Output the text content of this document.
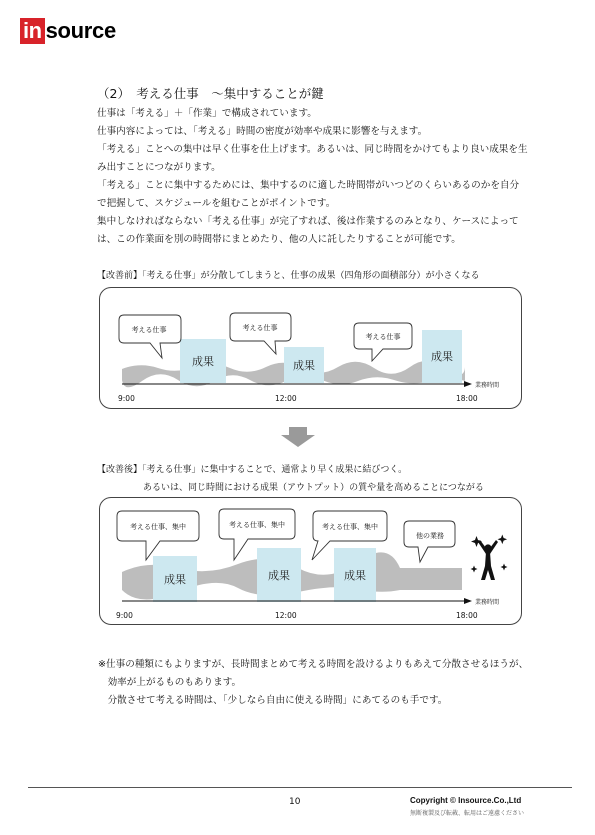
in source
（2）　考える仕事　～集中することが鍵

仕事は「考える」＋「作業」で構成されています。

仕事内容によっては、「考える」時間の密度が効率や成果に影響を与えます。

「考える」ことへの集中は早く仕事を仕上げます。あるいは、同じ時間をかけてもより良い成果を生

み出すことにつながります。

「考える」ことに集中するためには、集中するのに適した時間帯がいつどのくらいあるのかを自分

で把握して、スケジュールを組むことがポイントです。

集中しなければならない「考える仕事」が完了すれば、後は作業するのみとなり、ケースによって

は、この作業面を別の時間帯にまとめたり、他の人に託したりすることが可能です。

【改善前】「考える仕事」が分散してしまうと、仕事の成果（四角形の面積部分）が小さくなる
成果	成果
成果
考える仕事	考える仕事
考える仕事
業務時間
9:00	12:00	18:00
【改善後】「考える仕事」に集中することで、通常より早く成果に結びつく。
あるいは、同じ時間における成果（アウトプット）の質や量を高めることにつながる
成果	成果	成果
考える仕事、集中	考える仕事、集中	考える仕事、集中
他の業務
業務時間
9:00	12:00	18:00

※仕事の種類にもよりますが、長時間まとめて考える時間を設けるよりもあえて分散させるほうが、

　効率が上がるものもあります。

　分散させて考える時間は、「少しなら自由に使える時間」にあてるのも手です。

10	Copyright © Insource.Co.,Ltd
無断複製及び転載、転用はご遠慮ください
